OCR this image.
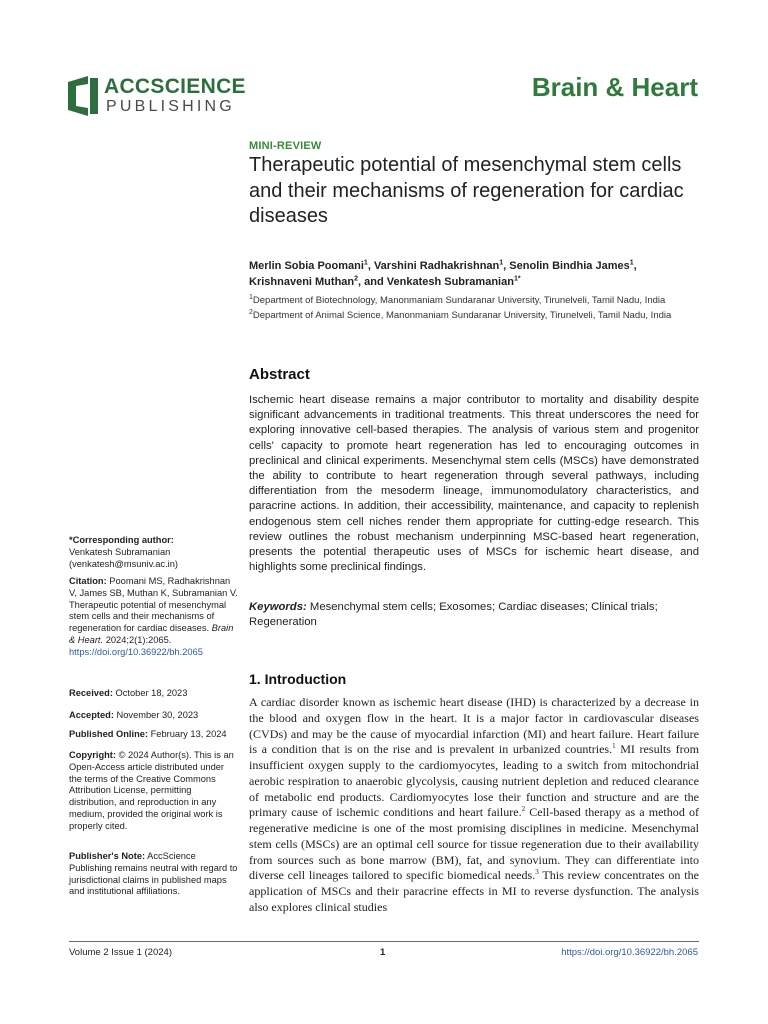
ACCSCIENCE
PUBLISHING
Brain & Heart
MINI-REVIEW
Therapeutic potential of mesenchymal stem cells and their mechanisms of regeneration for cardiac diseases
Merlin Sobia Poomani$^1$, Varshini Radhakrishnan$^1$, Senolin Bindhia James$^1$,
Krishnaveni Muthan$^2$, and Venkatesh Subramanian$^{1*}$
$^1$Department of Biotechnology, Manonmaniam Sundaranar University, Tirunelveli, Tamil Nadu, India
$^2$Department of Animal Science, Manonmaniam Sundaranar University, Tirunelveli, Tamil Nadu, India
Abstract

Ischemic heart disease remains a major contributor to mortality and disability despite significant advancements in traditional treatments. This threat underscores the need for exploring innovative cell-based therapies. The analysis of various stem and progenitor cells' capacity to promote heart regeneration has led to encouraging outcomes in preclinical and clinical experiments. Mesenchymal stem cells (MSCs) have demonstrated the ability to contribute to heart regeneration through several pathways, including differentiation from the mesoderm lineage, immunomodulatory characteristics, and paracrine actions. In addition, their accessibility, maintenance, and capacity to replenish endogenous stem cell niches render them appropriate for cutting-edge research. This review outlines the robust mechanism underpinning MSC-based heart regeneration, presents the potential therapeutic uses of MSCs for ischemic heart disease, and highlights some preclinical findings.

Keywords: Mesenchymal stem cells; Exosomes; Cardiac diseases; Clinical trials; Regeneration

1. Introduction

A cardiac disorder known as ischemic heart disease (IHD) is characterized by a decrease in the blood and oxygen flow in the heart. It is a major factor in cardiovascular diseases (CVDs) and may be the cause of myocardial infarction (MI) and heart failure. Heart failure is a condition that is on the rise and is prevalent in urbanized countries.$^1$ MI results from insufficient oxygen supply to the cardiomyocytes, leading to a switch from mitochondrial aerobic respiration to anaerobic glycolysis, causing nutrient depletion and reduced clearance of metabolic end products. Cardiomyocytes lose their function and structure and are the primary cause of ischemic conditions and heart failure.$^2$ Cell-based therapy as a method of regenerative medicine is one of the most promising disciplines in medicine. Mesenchymal stem cells (MSCs) are an optimal cell source for tissue regeneration due to their availability from sources such as bone marrow (BM), fat, and synovium. They can differentiate into diverse cell lineages tailored to specific biomedical needs.$^3$ This review concentrates on the application of MSCs and their paracrine effects in MI to reverse dysfunction. The analysis also explores clinical studies

*Corresponding author:
Venkatesh Subramanian
(venkatesh@msuniv.ac.in)
Citation: Poomani MS, Radhakrishnan V, James SB, Muthan K, Subramanian V. Therapeutic potential of mesenchymal stem cells and their mechanisms of regeneration for cardiac diseases. Brain & Heart. 2024;2(1):2065.
https://doi.org/10.36922/bh.2065
Received: October 18, 2023
Accepted: November 30, 2023
Published Online: February 13, 2024
Copyright: © 2024 Author(s). This is an Open-Access article distributed under the terms of the Creative Commons Attribution License, permitting distribution, and reproduction in any medium, provided the original work is properly cited.
Publisher's Note: AccScience Publishing remains neutral with regard to jurisdictional claims in published maps and institutional affiliations.
Volume 2 Issue 1 (2024)	1	https://doi.org/10.36922/bh.2065
